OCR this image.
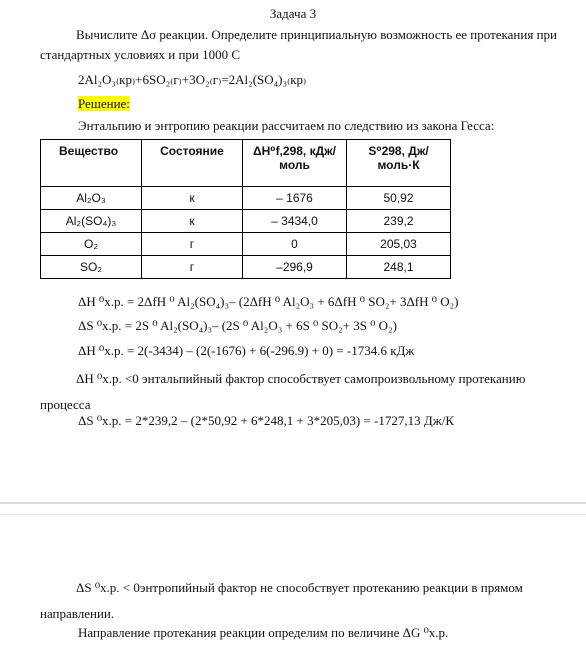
Задача 3
Вычислите Δσ реакции. Определите принципиальную возможность ее протекания при стандартных условиях и при 1000 С
2Al₂O₃₍кр₎+6SO₂₍г₎+3O₂₍г₎=2Al₂(SO₄)₃₍кр₎
Решение:
Энтальпию и энтропию реакции рассчитаем по следствию из закона Гесса:
Вещество	Состояние	ΔH⁰f,298, кДж/моль	S⁰298, Дж/моль·К
Al₂O₃	к	– 1676	50,92
Al₂(SO₄)₃	к	– 3434,0	239,2
O₂	г	0	205,03
SO₂	г	–296,9	248,1
ΔH ⁰х.р. = 2ΔfH ⁰ Al₂(SO₄)₃– (2ΔfH ⁰ Al₂O₃ + 6ΔfH ⁰ SO₂+ 3ΔfH ⁰ O₂)
ΔS ⁰х.р. = 2S ⁰ Al₂(SO₄)₃– (2S ⁰ Al₂O₃ + 6S ⁰ SO₂+ 3S ⁰ O₂)
ΔH ⁰х.р. = 2(-3434) – (2(-1676) + 6(-296.9) + 0) = -1734.6 кДж
ΔH ⁰х.р. <0 энтальпийный фактор способствует самопроизвольному протеканию процесса
ΔS ⁰х.р. = 2*239,2 – (2*50,92 + 6*248,1 + 3*205,03) = -1727,13 Дж/К
ΔS ⁰х.р. < 0энтропийный фактор не способствует протеканию реакции в прямом направлении.
Направление протекания реакции определим по величине ΔG ⁰х.р.
